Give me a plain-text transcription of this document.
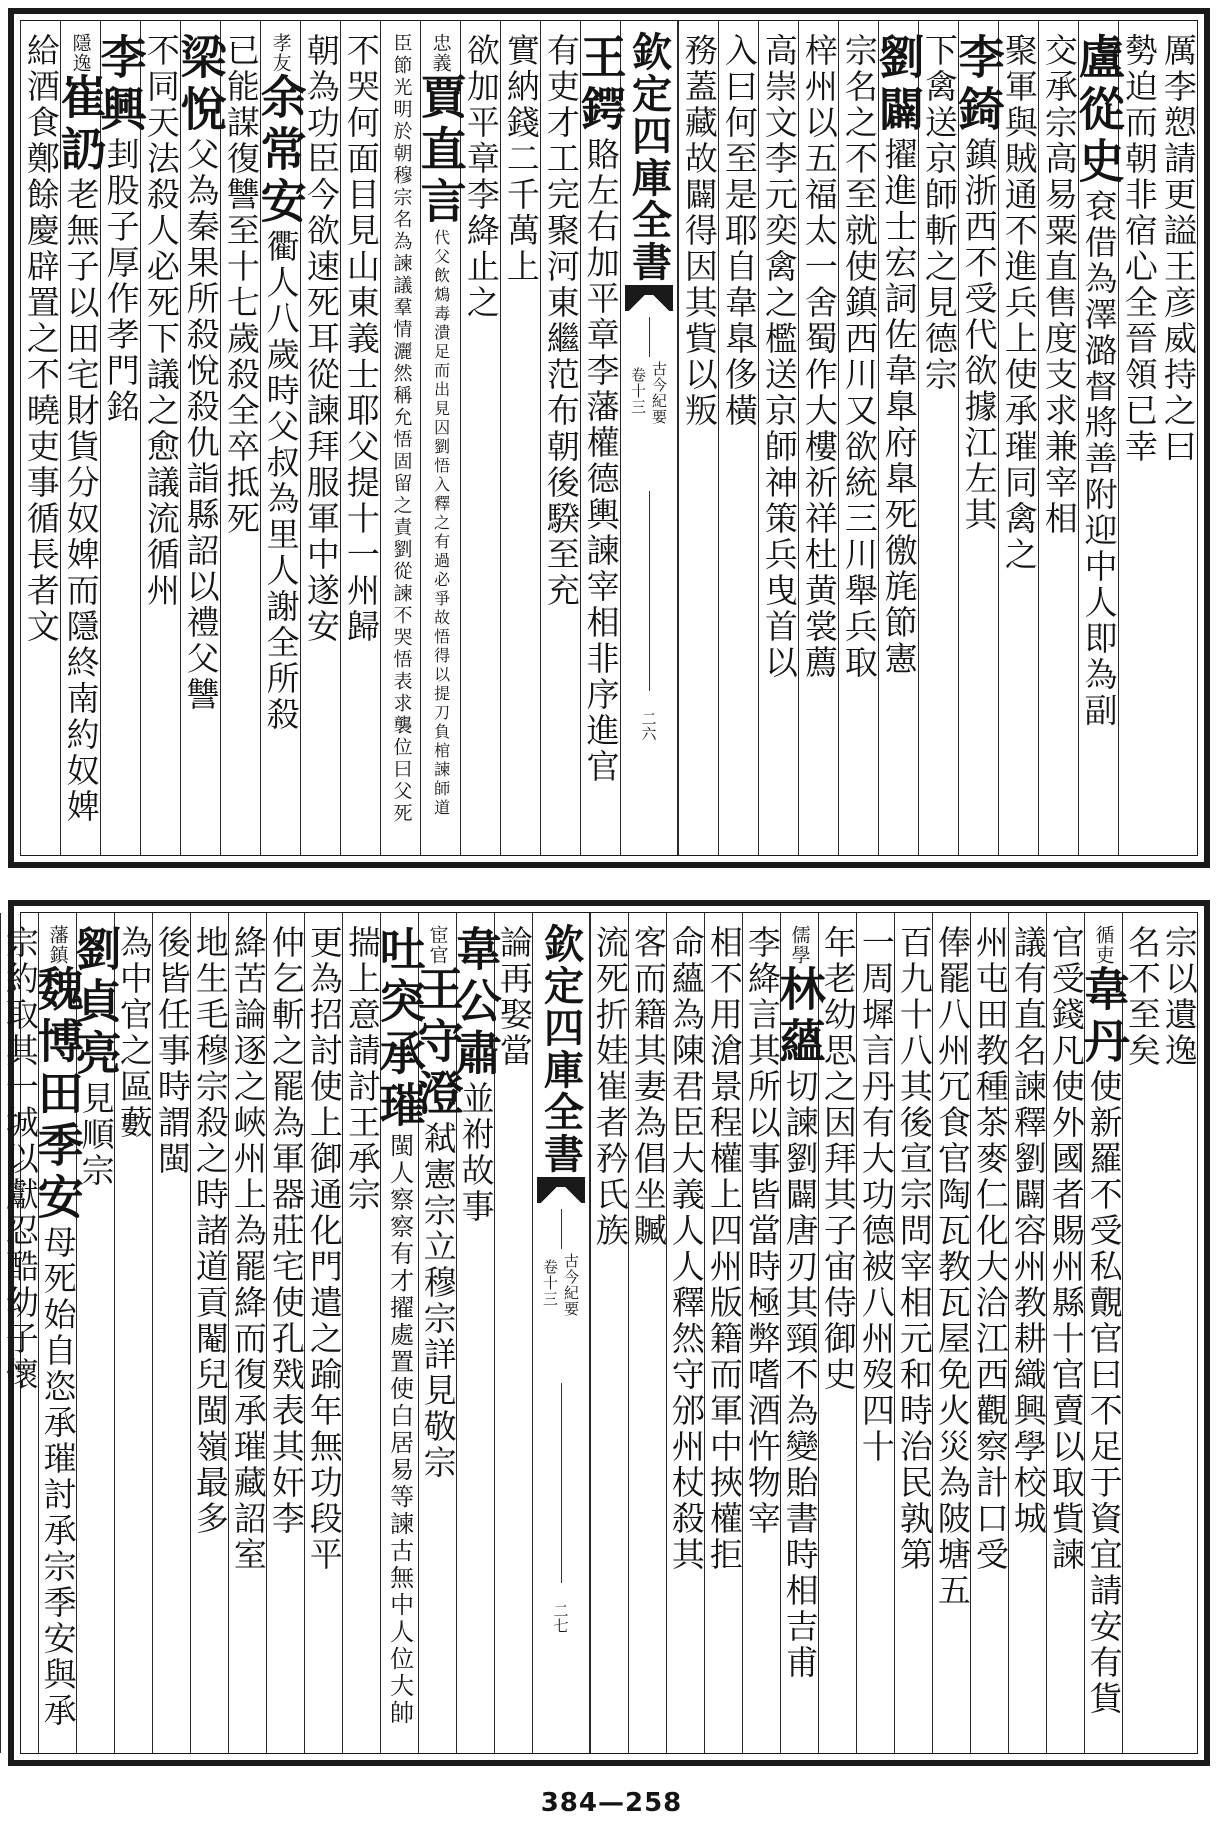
厲李愬請更謚王彦威持之曰
勢迫而朝非宿心全晉領已幸
盧從史袞借為澤潞督將善附迎中人即為副
交承宗高易粟直售度支求兼宰相
聚軍與賊通不進兵上使承璀同禽之
李錡鎮浙西不受代欲據江左其
下禽送京師斬之見德宗
劉闢擢進士宏詞佐韋臯府臯死徼旄節憲
宗名之不至就使鎮西川又欲統三川舉兵取
梓州以五福太一舍蜀作大樓祈祥杜黄裳薦
高崇文李元奕禽之檻送京師神策兵曳首以
入曰何至是耶自韋臯侈橫
務蓋藏故闢得因其貲以叛
欽定四庫全書
古今紀要
卷十三
二六
王鍔賂左右加平章李藩權德輿諫宰相非序進官
有吏才工完聚河東繼范布朝後騤至充
實納錢二千萬上
欲加平章李絳止之
忠義賈直言代父飲鴆毒潰足而出見囚劉悟入釋之有過必爭故悟得以提刀負棺諫師道
臣節光明於朝穆宗名為諫議羣情灑然稱允悟固留之責劉從諫不哭悟表求襲位曰父死
不哭何面目見山東義士耶父提十一州歸
朝為功臣今欲速死耳從諫拜服軍中遂安
孝友余常安衢人八歲時父叔為里人謝全所殺
已能謀復讐至十七歲殺全卒抵死
梁悅父為秦果所殺悅殺仇詣縣詔以禮父讐
不同天法殺人必死下議之愈議流循州
李興刲股子厚作孝門銘
隱逸崔䚮老無子以田宅財貨分奴婢而隱終南約奴婢
給酒食鄭餘慶辟置之不曉吏事循長者文
宗以遺逸
名不至矣
循吏韋丹使新羅不受私覿官曰不足于資宜請安有貨
官受錢凡使外國者賜州縣十官賣以取貲諫
議有直名諫釋劉闢容州教耕織興學校城
州屯田教種茶麥仁化大洽江西觀察計口受
俸罷八州冗食官陶瓦教瓦屋免火災為陂塘五
百九十八其後宣宗問宰相元和時治民孰第
一周墀言丹有大功德被八州歿四十
年老幼思之因拜其子宙侍御史
儒學林蘊切諫劉闢唐刃其頸不為變貽書時相吉甫
李絳言其所以事皆當時極弊嗜酒忤物宰
相不用滄景程權上四州版籍而軍中挾權拒
命蘊為陳君臣大義人人釋然守邠州杖殺其
客而籍其妻為倡坐贓
流死折娃崔者矜氏族
欽定四庫全書
古今紀要
卷十三
二七
論再娶當
韋公肅並祔故事
宦官王守澄弒憲宗立穆宗詳見敬宗
吐突承璀閩人察察有才擢處置使白居易等諫古無中人位大帥
揣上意請討王承宗
更為招討使上御通化門遣之踰年無功段平
仲乞斬之罷為軍器莊宅使孔戣表其奸李
絳苦論逐之峽州上為罷絳而復承璀藏詔室
地生毛穆宗殺之時諸道貢閹兒閩嶺最多
後皆任事時謂閩
為中官之區藪
劉貞亮見順宗
藩鎮魏博田季安母死始自恣承璀討承宗季安與承
宗約取其一城以獻忍酷幼子懷
384—258
